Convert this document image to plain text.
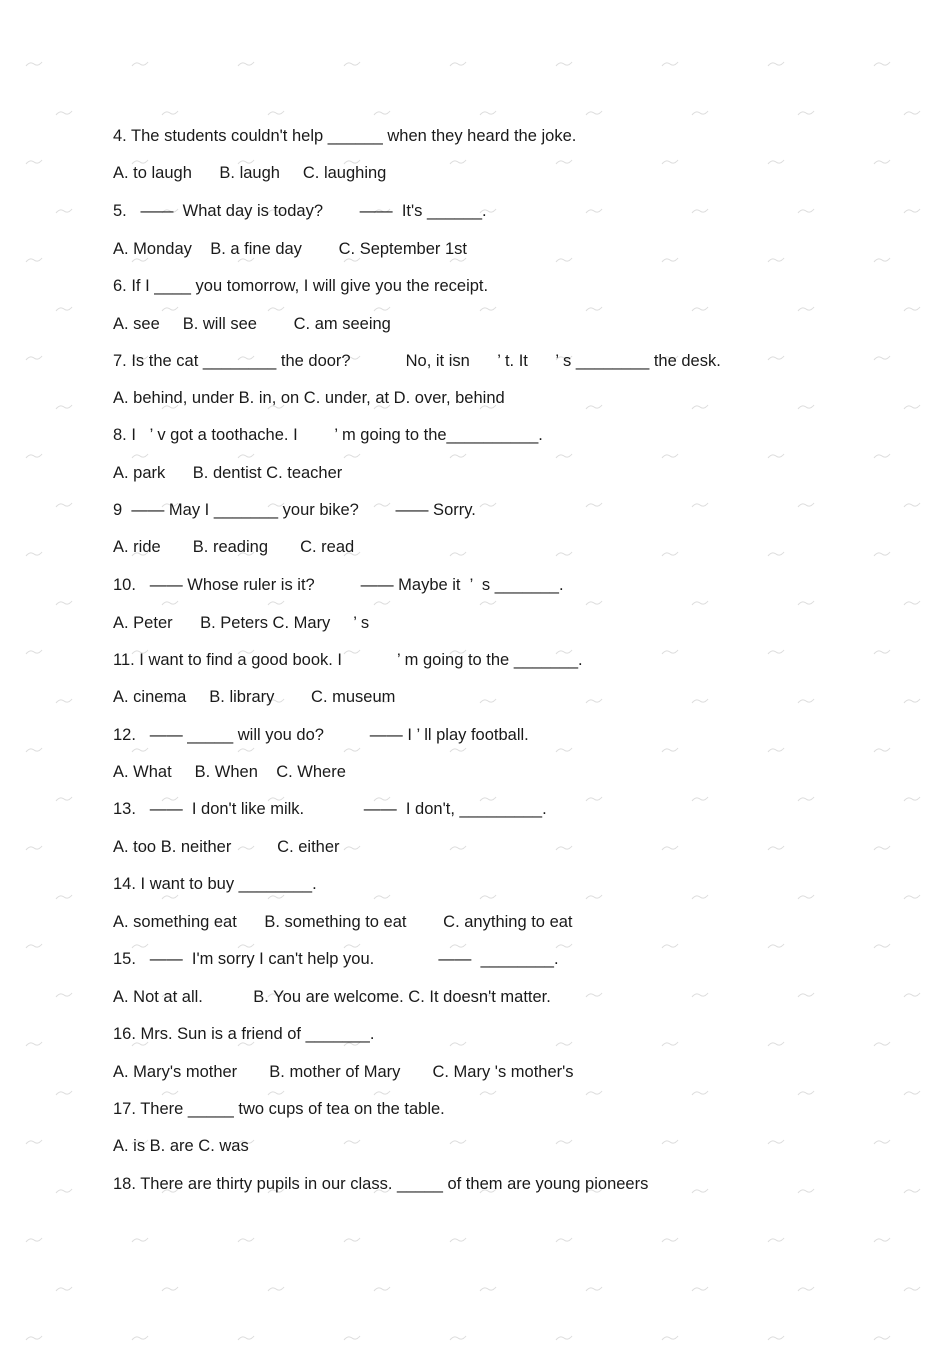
4. The students couldn't help ______ when they heard the joke.
A. to laugh      B. laugh     C. laughing
5.   ——  What day is today?        ——  It's ______.
A. Monday    B. a fine day        C. September 1st
6. If I ____ you tomorrow, I will give you the receipt.
A. see     B. will see        C. am seeing
7. Is the cat ________ the door?            No, it isn      ’ t. It      ’ s ________ the desk.
A. behind, under B. in, on C. under, at D. over, behind
8. I   ’ v got a toothache. I        ’ m going to the__________.
A. park      B. dentist C. teacher
9  —— May I _______ your bike?        —— Sorry.
A. ride       B. reading       C. read
10.   —— Whose ruler is it?          —— Maybe it  ’  s _______.
A. Peter      B. Peters C. Mary     ’ s
11. I want to find a good book. I            ’ m going to the _______.
A. cinema     B. library        C. museum
12.   —— _____ will you do?          —— I ’ ll play football.
A. What     B. When    C. Where
13.   ——  I don't like milk.             ——  I don't, _________.
A. too B. neither          C. either
14. I want to buy ________.
A. something eat      B. something to eat        C. anything to eat
15.   ——  I'm sorry I can't help you.              ——  ________.
A. Not at all.           B. You are welcome. C. It doesn't matter.
16. Mrs. Sun is a friend of _______.
A. Mary's mother       B. mother of Mary       C. Mary 's mother's
17. There _____ two cups of tea on the table.
A. is B. are C. was
18. There are thirty pupils in our class. _____ of them are young pioneers
